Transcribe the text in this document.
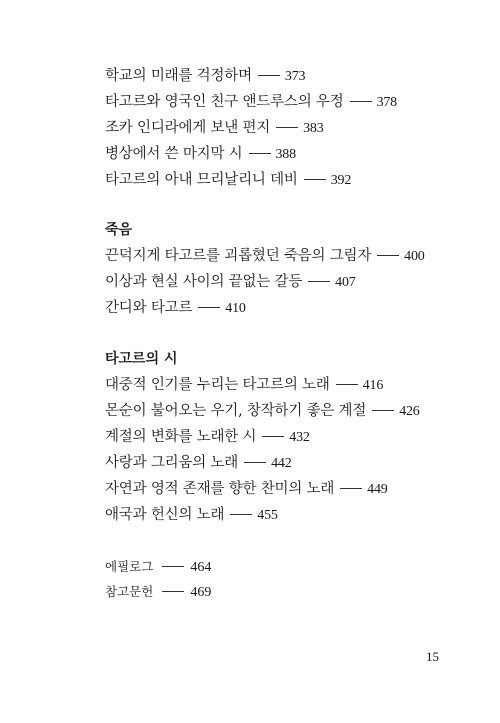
학교의 미래를 걱정하며 373
타고르와 영국인 친구 앤드루스의 우정 378
조카 인디라에게 보낸 편지 383
병상에서 쓴 마지막 시 388
타고르의 아내 므리날리니 데비 392
죽음
끈덕지게 타고르를 괴롭혔던 죽음의 그림자 400
이상과 현실 사이의 끝없는 갈등 407
간디와 타고르 410
타고르의 시
대중적 인기를 누리는 타고르의 노래 416
몬순이 불어오는 우기, 창작하기 좋은 계절 426
계절의 변화를 노래한 시 432
사랑과 그리움의 노래 442
자연과 영적 존재를 향한 찬미의 노래 449
애국과 헌신의 노래 455
에필로그	464
참고문헌	469
15
